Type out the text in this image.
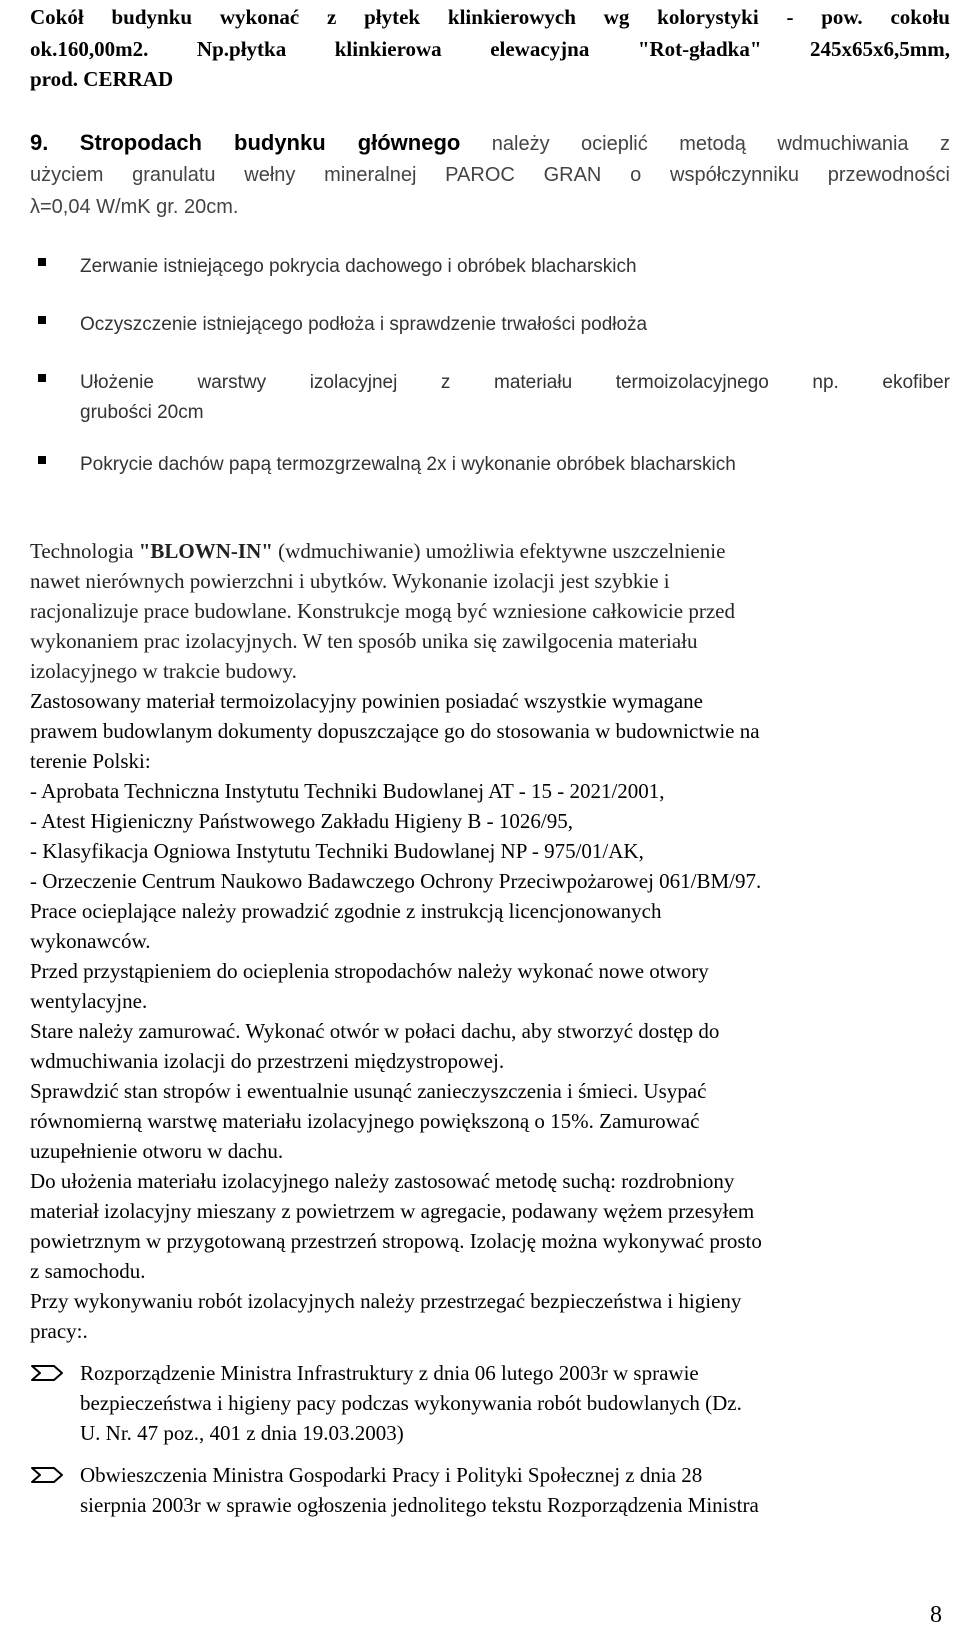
Cokół budynku wykonać z płytek klinkierowych wg kolorystyki - pow. cokołu
ok.160,00m2. Np.płytka klinkierowa elewacyjna "Rot-gładka" 245x65x6,5mm,
prod. CERRAD
9. Stropodach budynku głównego należy ocieplić metodą wdmuchiwania z
użyciem granulatu wełny mineralnej PAROC GRAN o współczynniku przewodności
λ=0,04 W/mK gr. 20cm.
Zerwanie istniejącego pokrycia dachowego i obróbek blacharskich
Oczyszczenie istniejącego podłoża i sprawdzenie trwałości podłoża
Ułożenie warstwy izolacyjnej z materiału termoizolacyjnego np. ekofiber
grubości 20cm
Pokrycie dachów papą termozgrzewalną 2x i wykonanie obróbek blacharskich
Technologia "BLOWN-IN" (wdmuchiwanie) umożliwia efektywne uszczelnienie
nawet nierównych powierzchni i ubytków. Wykonanie izolacji jest szybkie i
racjonalizuje prace budowlane. Konstrukcje mogą być wzniesione całkowicie przed
wykonaniem prac izolacyjnych. W ten sposób unika się zawilgocenia materiału
izolacyjnego w trakcie budowy.
Zastosowany materiał termoizolacyjny powinien posiadać wszystkie wymagane
prawem budowlanym dokumenty dopuszczające go do stosowania w budownictwie na
terenie Polski:
- Aprobata Techniczna Instytutu Techniki Budowlanej AT - 15 - 2021/2001,
- Atest Higieniczny Państwowego Zakładu Higieny B - 1026/95,
- Klasyfikacja Ogniowa Instytutu Techniki Budowlanej NP - 975/01/AK,
- Orzeczenie Centrum Naukowo Badawczego Ochrony Przeciwpożarowej 061/BM/97.
Prace ocieplające należy prowadzić zgodnie z instrukcją licencjonowanych
wykonawców.
Przed przystąpieniem do ocieplenia stropodachów należy wykonać nowe otwory
wentylacyjne.
Stare należy zamurować. Wykonać otwór w połaci dachu, aby stworzyć dostęp do
wdmuchiwania izolacji do przestrzeni międzystropowej.
Sprawdzić stan stropów i ewentualnie usunąć zanieczyszczenia i śmieci. Usypać
równomierną warstwę materiału izolacyjnego powiększoną o 15%. Zamurować
uzupełnienie otworu w dachu.
Do ułożenia materiału izolacyjnego należy zastosować metodę suchą: rozdrobniony
materiał izolacyjny mieszany z powietrzem w agregacie, podawany wężem przesyłem
powietrznym w przygotowaną przestrzeń stropową. Izolację można wykonywać prosto
z samochodu.
Przy wykonywaniu robót izolacyjnych należy przestrzegać bezpieczeństwa i higieny
pracy:.
Rozporządzenie Ministra Infrastruktury z dnia 06 lutego 2003r w sprawie
bezpieczeństwa i higieny pacy podczas wykonywania robót budowlanych (Dz.
U. Nr. 47 poz., 401 z dnia 19.03.2003)
Obwieszczenia Ministra Gospodarki Pracy i Polityki Społecznej z dnia 28
sierpnia 2003r w sprawie ogłoszenia jednolitego tekstu Rozporządzenia Ministra
8
